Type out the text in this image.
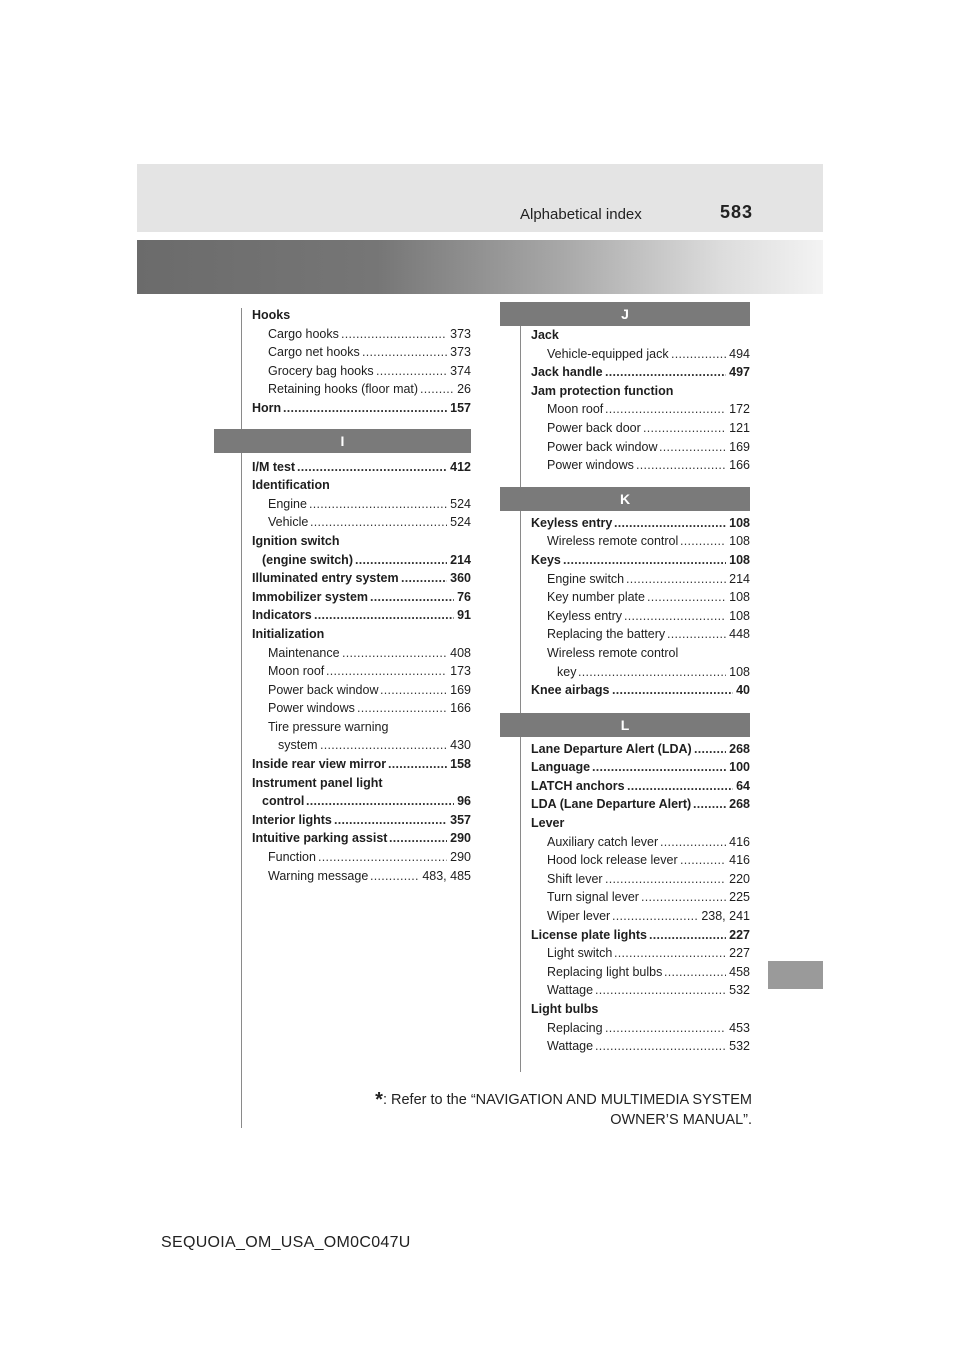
Alphabetical index	583
Hooks
Cargo hooks . . .	373
Cargo net hooks . . .	373
Grocery bag hooks . . .	374
Retaining hooks (floor mat) . . .	26
Horn . . .	157
I
I/M test . . .	412
Identification
Engine . . .	524
Vehicle . . .	524
Ignition switch
(engine switch) . . .	214
Illuminated entry system . . .	360
Immobilizer system . . .	76
Indicators . . .	91
Initialization
Maintenance . . .	408
Moon roof . . .	173
Power back window . . .	169
Power windows . . .	166
Tire pressure warning
system . . .	430
Inside rear view mirror . . .	158
Instrument panel light
control . . .	96
Interior lights . . .	357
Intuitive parking assist . . .	290
Function . . .	290
Warning message . . .	483, 485
J
Jack
Vehicle-equipped jack . . .	494
Jack handle . . .	497
Jam protection function
Moon roof . . .	172
Power back door . . .	121
Power back window . . .	169
Power windows . . .	166
K
Keyless entry . . .	108
Wireless remote control . . .	108
Keys . . .	108
Engine switch . . .	214
Key number plate . . .	108
Keyless entry . . .	108
Replacing the battery . . .	448
Wireless remote control
key . . .	108
Knee airbags . . .	40
L
Lane Departure Alert (LDA) . . .	268
Language . . .	100
LATCH anchors . . .	64
LDA (Lane Departure Alert) . . .	268
Lever
Auxiliary catch lever . . .	416
Hood lock release lever . . .	416
Shift lever . . .	220
Turn signal lever . . .	225
Wiper lever . . .	238, 241
License plate lights . . .	227
Light switch . . .	227
Replacing light bulbs . . .	458
Wattage . . .	532
Light bulbs
Replacing . . .	453
Wattage . . .	532
*: Refer to the “NAVIGATION AND MULTIMEDIA SYSTEM
OWNER’S MANUAL”.
SEQUOIA_OM_USA_OM0C047U
